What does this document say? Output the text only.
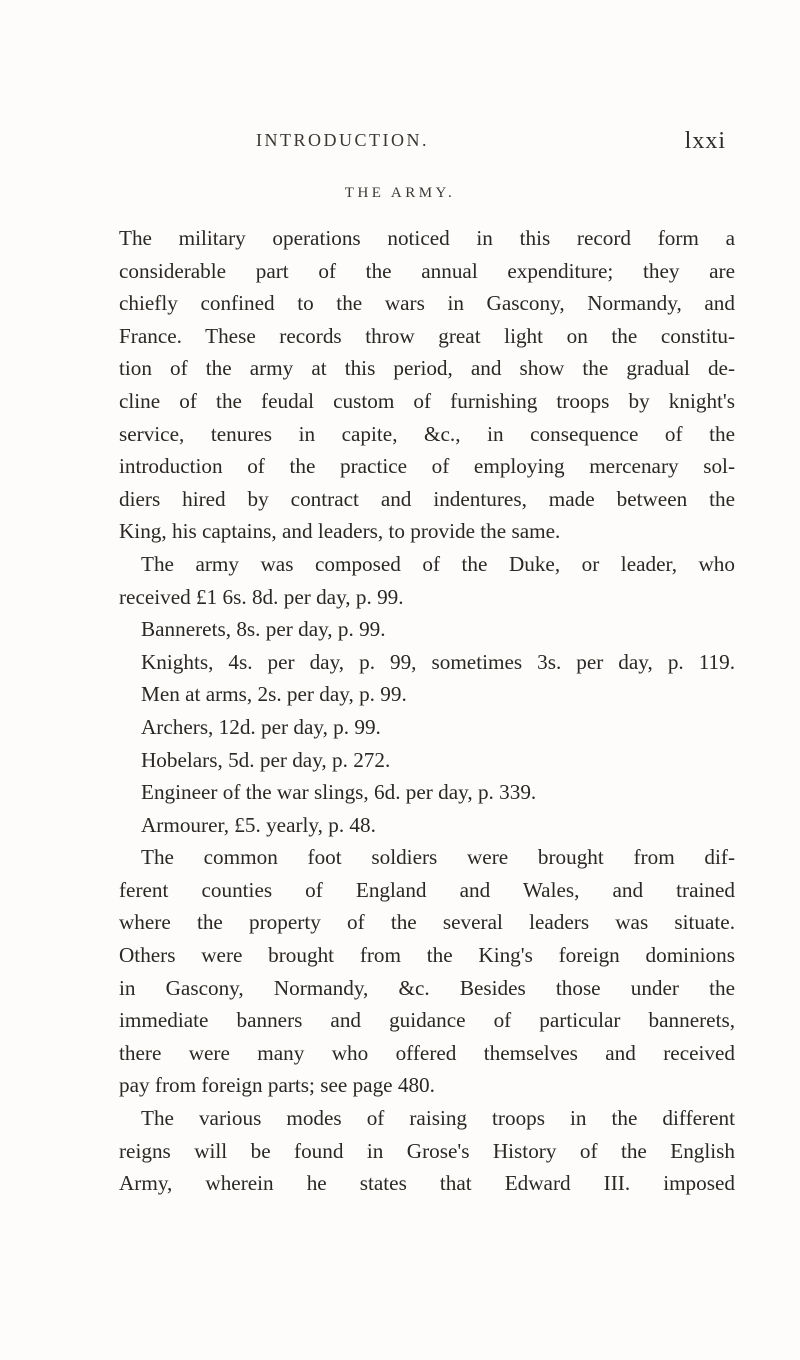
INTRODUCTION.	lxxi
THE ARMY.
The military operations noticed in this record form a
considerable part of the annual expenditure; they are
chiefly confined to the wars in Gascony, Normandy, and
France. These records throw great light on the constitu-
tion of the army at this period, and show the gradual de-
cline of the feudal custom of furnishing troops by knight's
service, tenures in capite, &c., in consequence of the
introduction of the practice of employing mercenary sol-
diers hired by contract and indentures, made between the
King, his captains, and leaders, to provide the same.
The army was composed of the Duke, or leader, who
received £1 6s. 8d. per day, p. 99.
Bannerets, 8s. per day, p. 99.
Knights, 4s. per day, p. 99, sometimes 3s. per day, p. 119.
Men at arms, 2s. per day, p. 99.
Archers, 12d. per day, p. 99.
Hobelars, 5d. per day, p. 272.
Engineer of the war slings, 6d. per day, p. 339.
Armourer, £5. yearly, p. 48.
The common foot soldiers were brought from dif-
ferent counties of England and Wales, and trained
where the property of the several leaders was situate.
Others were brought from the King's foreign dominions
in Gascony, Normandy, &c. Besides those under the
immediate banners and guidance of particular bannerets,
there were many who offered themselves and received
pay from foreign parts; see page 480.
The various modes of raising troops in the different
reigns will be found in Grose's History of the English
Army, wherein he states that Edward III. imposed
